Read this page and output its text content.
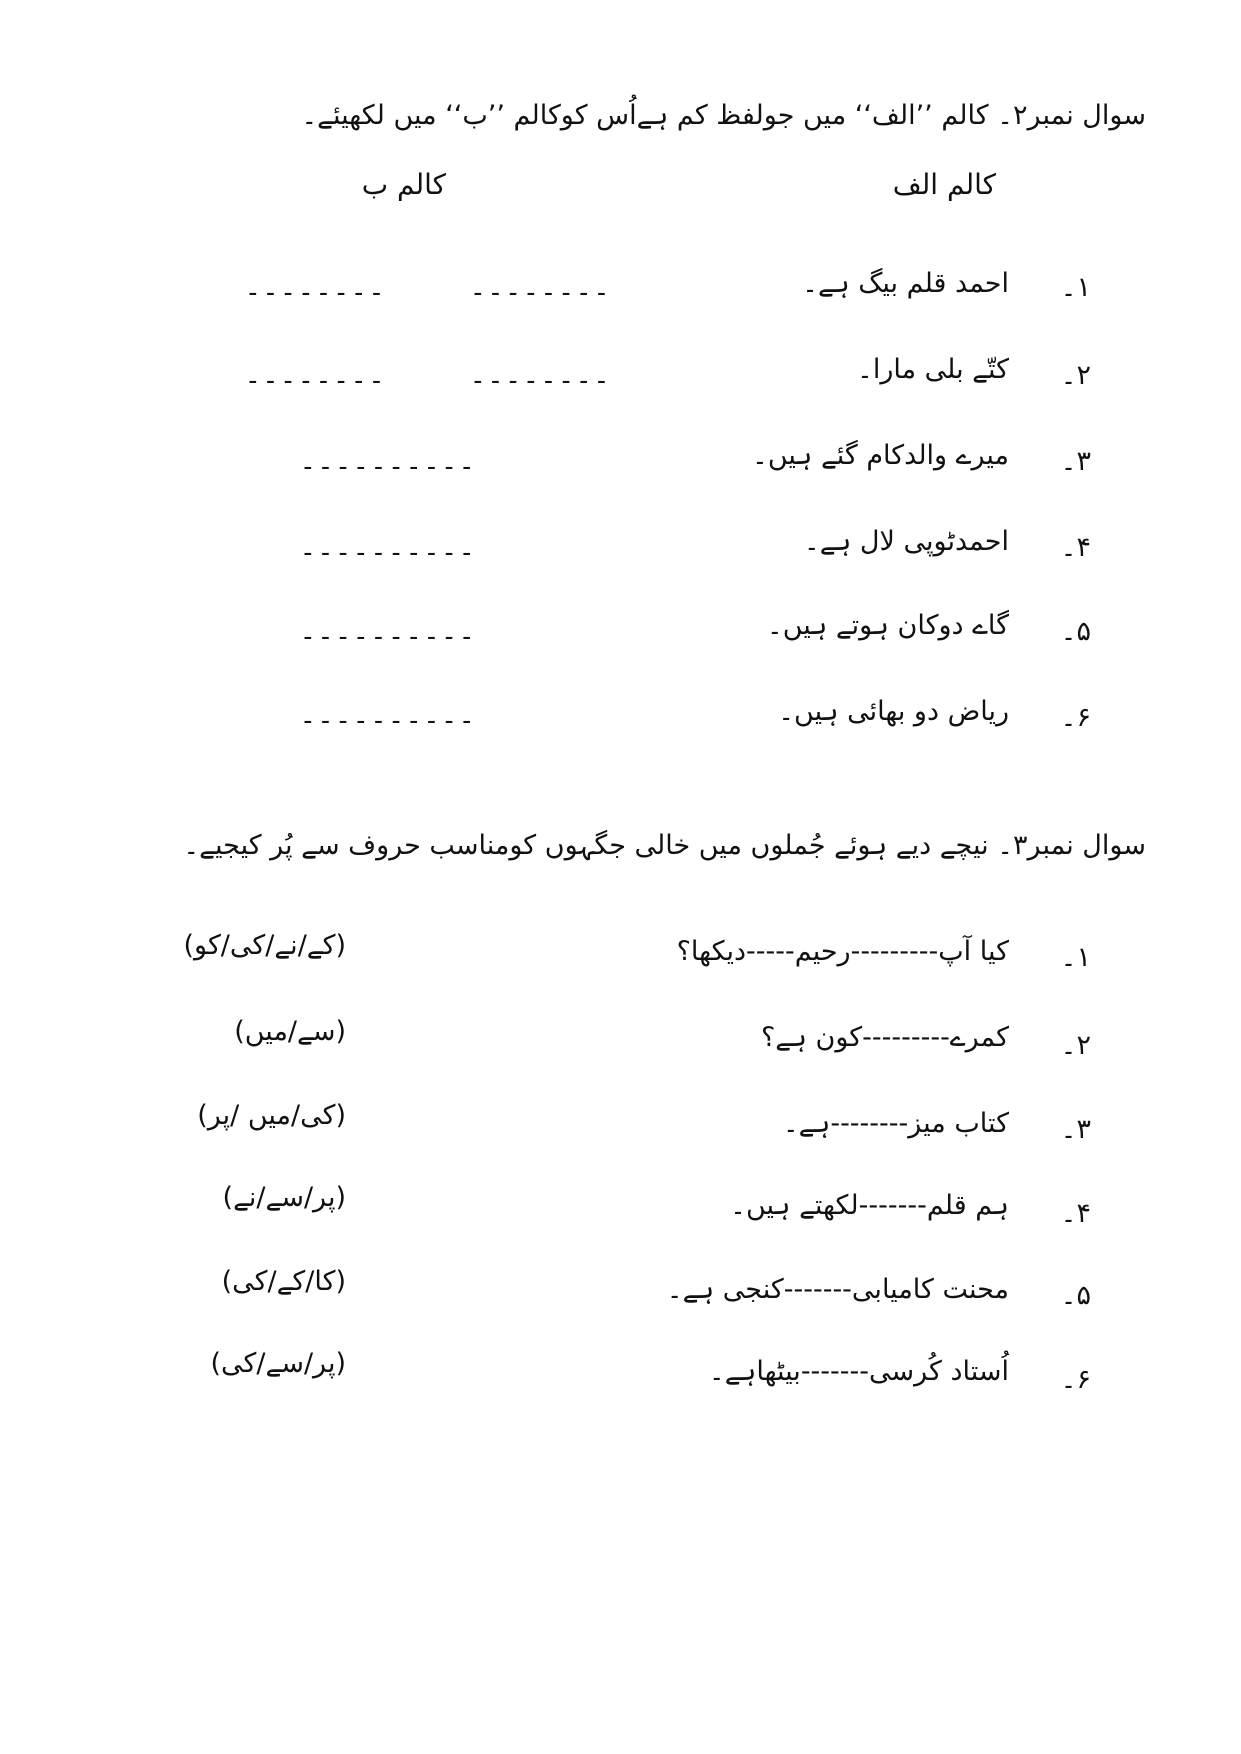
سوال نمبر۲۔ کالم ’’الف‘‘ میں جولفظ کم ہےاُس کوکالم ’’ب‘‘ میں لکھیئے۔
کالم الف
کالم ب
۱۔
احمد قلم بیگ ہے۔
--------
--------
۲۔
کتّے بلی مارا۔
--------
--------
۳۔
میرے والدکام گئے ہیں۔
----------
۴۔
احمدٹوپی لال ہے۔
----------
۵۔
گاے دوکان ہوتے ہیں۔
----------
۶۔
ریاض دو بھائی ہیں۔
----------
سوال نمبر۳۔ نیچے دیے ہوئے جُملوں میں خالی جگہوں کومناسب حروف سے پُر کیجیے۔
۱۔
کیا آپ---------رحیم-----دیکھا؟
(کے/نے/کی/کو)
۲۔
کمرے---------کون ہے؟
(سے/میں)
۳۔
کتاب میز--------ہے۔
(کی/میں /پر)
۴۔
ہم قلم-------لکھتے ہیں۔
(پر/سے/نے)
۵۔
محنت کامیابی-------کنجی ہے۔
(کا/کے/کی)
۶۔
اُستاد کُرسی-------بیٹھاہے۔
(پر/سے/کی)
